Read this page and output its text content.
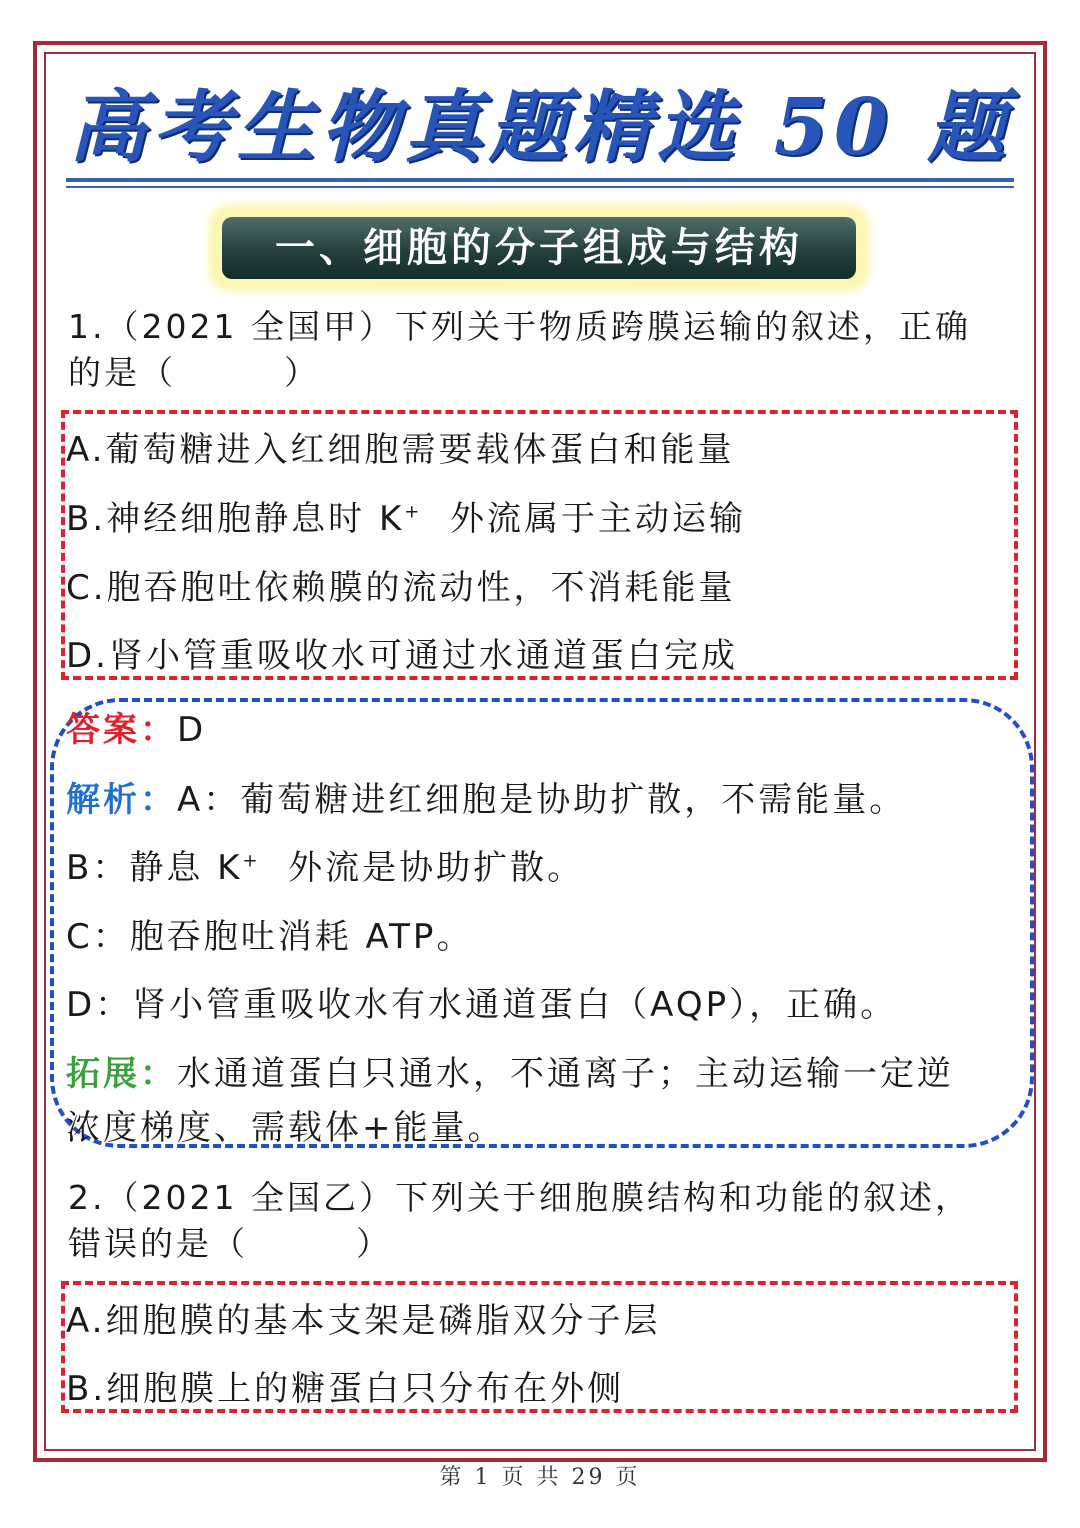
高考生物真题精选 50 题
一、细胞的分子组成与结构
1.（2021 全国甲）下列关于物质跨膜运输的叙述，正确
的是（　　　）
A.葡萄糖进入红细胞需要载体蛋白和能量
B.神经细胞静息时 K+  外流属于主动运输
C.胞吞胞吐依赖膜的流动性，不消耗能量
D.肾小管重吸收水可通过水通道蛋白完成
答案：D
解析：A：葡萄糖进红细胞是协助扩散，不需能量。
B：静息 K+  外流是协助扩散。
C：胞吞胞吐消耗 ATP。
D：肾小管重吸收水有水通道蛋白（AQP），正确。
拓展：水通道蛋白只通水，不通离子；主动运输一定逆
浓度梯度、需载体+能量。
2.（2021 全国乙）下列关于细胞膜结构和功能的叙述，
错误的是（　　　）
A.细胞膜的基本支架是磷脂双分子层
B.细胞膜上的糖蛋白只分布在外侧
第 1 页 共 29 页
